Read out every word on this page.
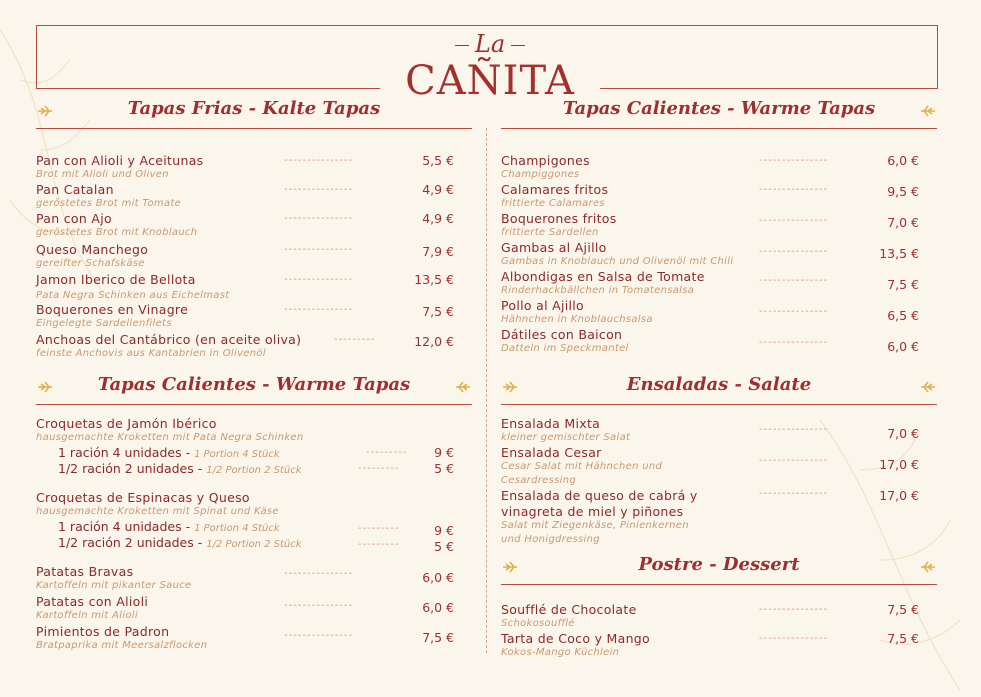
La
CAÑITA
Tapas Frias - Kalte Tapas
Pan con Alioli y Aceitunas
Brot mit Alioli und Oliven
---------------	5,5 €
Pan Catalan
geröstetes Brot mit Tomate
---------------	4,9 €
Pan con Ajo
geröstetes Brot mit Knoblauch
---------------	4,9 €
Queso Manchego
gereifter Schafskäse
---------------	7,9 €
Jamon Iberico de Bellota
Pata Negra Schinken aus Eichelmast
---------------	13,5 €
Boquerones en Vinagre
Eingelegte Sardellenfilets
---------------	7,5 €
Anchoas del Cantábrico (en aceite oliva)
feinste Anchovis aus Kantabrien in Olivenöl
---------	12,0 €
Tapas Calientes - Warme Tapas
Croquetas de Jamón Ibérico
hausgemachte Kroketten mit Pata Negra Schinken
1 ración 4 unidades - 1 Portion 4 Stück	--------- 9 €
1/2 ración 2 unidades - 1/2 Portion 2 Stück	---------	5 €
Croquetas de Espinacas y Queso
hausgemachte Kroketten mit Spinat und Käse
1 ración 4 unidades - 1 Portion 4 Stück	---------	9 €
1/2 ración 2 unidades - 1/2 Portion 2 Stück	---------	5 €
Patatas Bravas
Kartoffeln mit pikanter Sauce
---------------	6,0 €
Patatas con Alioli
Kartoffeln mit Alioli
---------------	6,0 €
Pimientos de Padron
Bratpaprika mit Meersalzflocken
---------------	7,5 €
Tapas Calientes - Warme Tapas
Champigones
Champiggones
---------------	6,0 €
Calamares fritos
frittierte Calamares
---------------	9,5 €
Boquerones fritos
frittierte Sardellen
---------------	7,0 €
Gambas al Ajillo
Gambas in Knoblauch und Olivenöl mit Chili
---------------	13,5 €
Albondigas en Salsa de Tomate
Rinderhackbällchen in Tomatensalsa
---------------	7,5 €
Pollo al Ajillo
Hähnchen in Knoblauchsalsa
---------------	6,5 €
Dátiles con Baicon
Datteln im Speckmantel
---------------	6,0 €
Ensaladas - Salate
Ensalada Mixta
kleiner gemischter Salat
---------------	7,0 €
Ensalada Cesar
Cesar Salat mit Hähnchen und
Cesardressing
---------------	17,0 €
Ensalada de queso de cabrá y
vinagreta de miel y piñones
Salat mit Ziegenkäse, Pinienkernen
und Honigdressing
---------------	17,0 €
Postre - Dessert
Soufflé de Chocolate
Schokosoufflé
---------------	7,5 €
Tarta de Coco y Mango
Kokos-Mango Küchlein
---------------	7,5 €
